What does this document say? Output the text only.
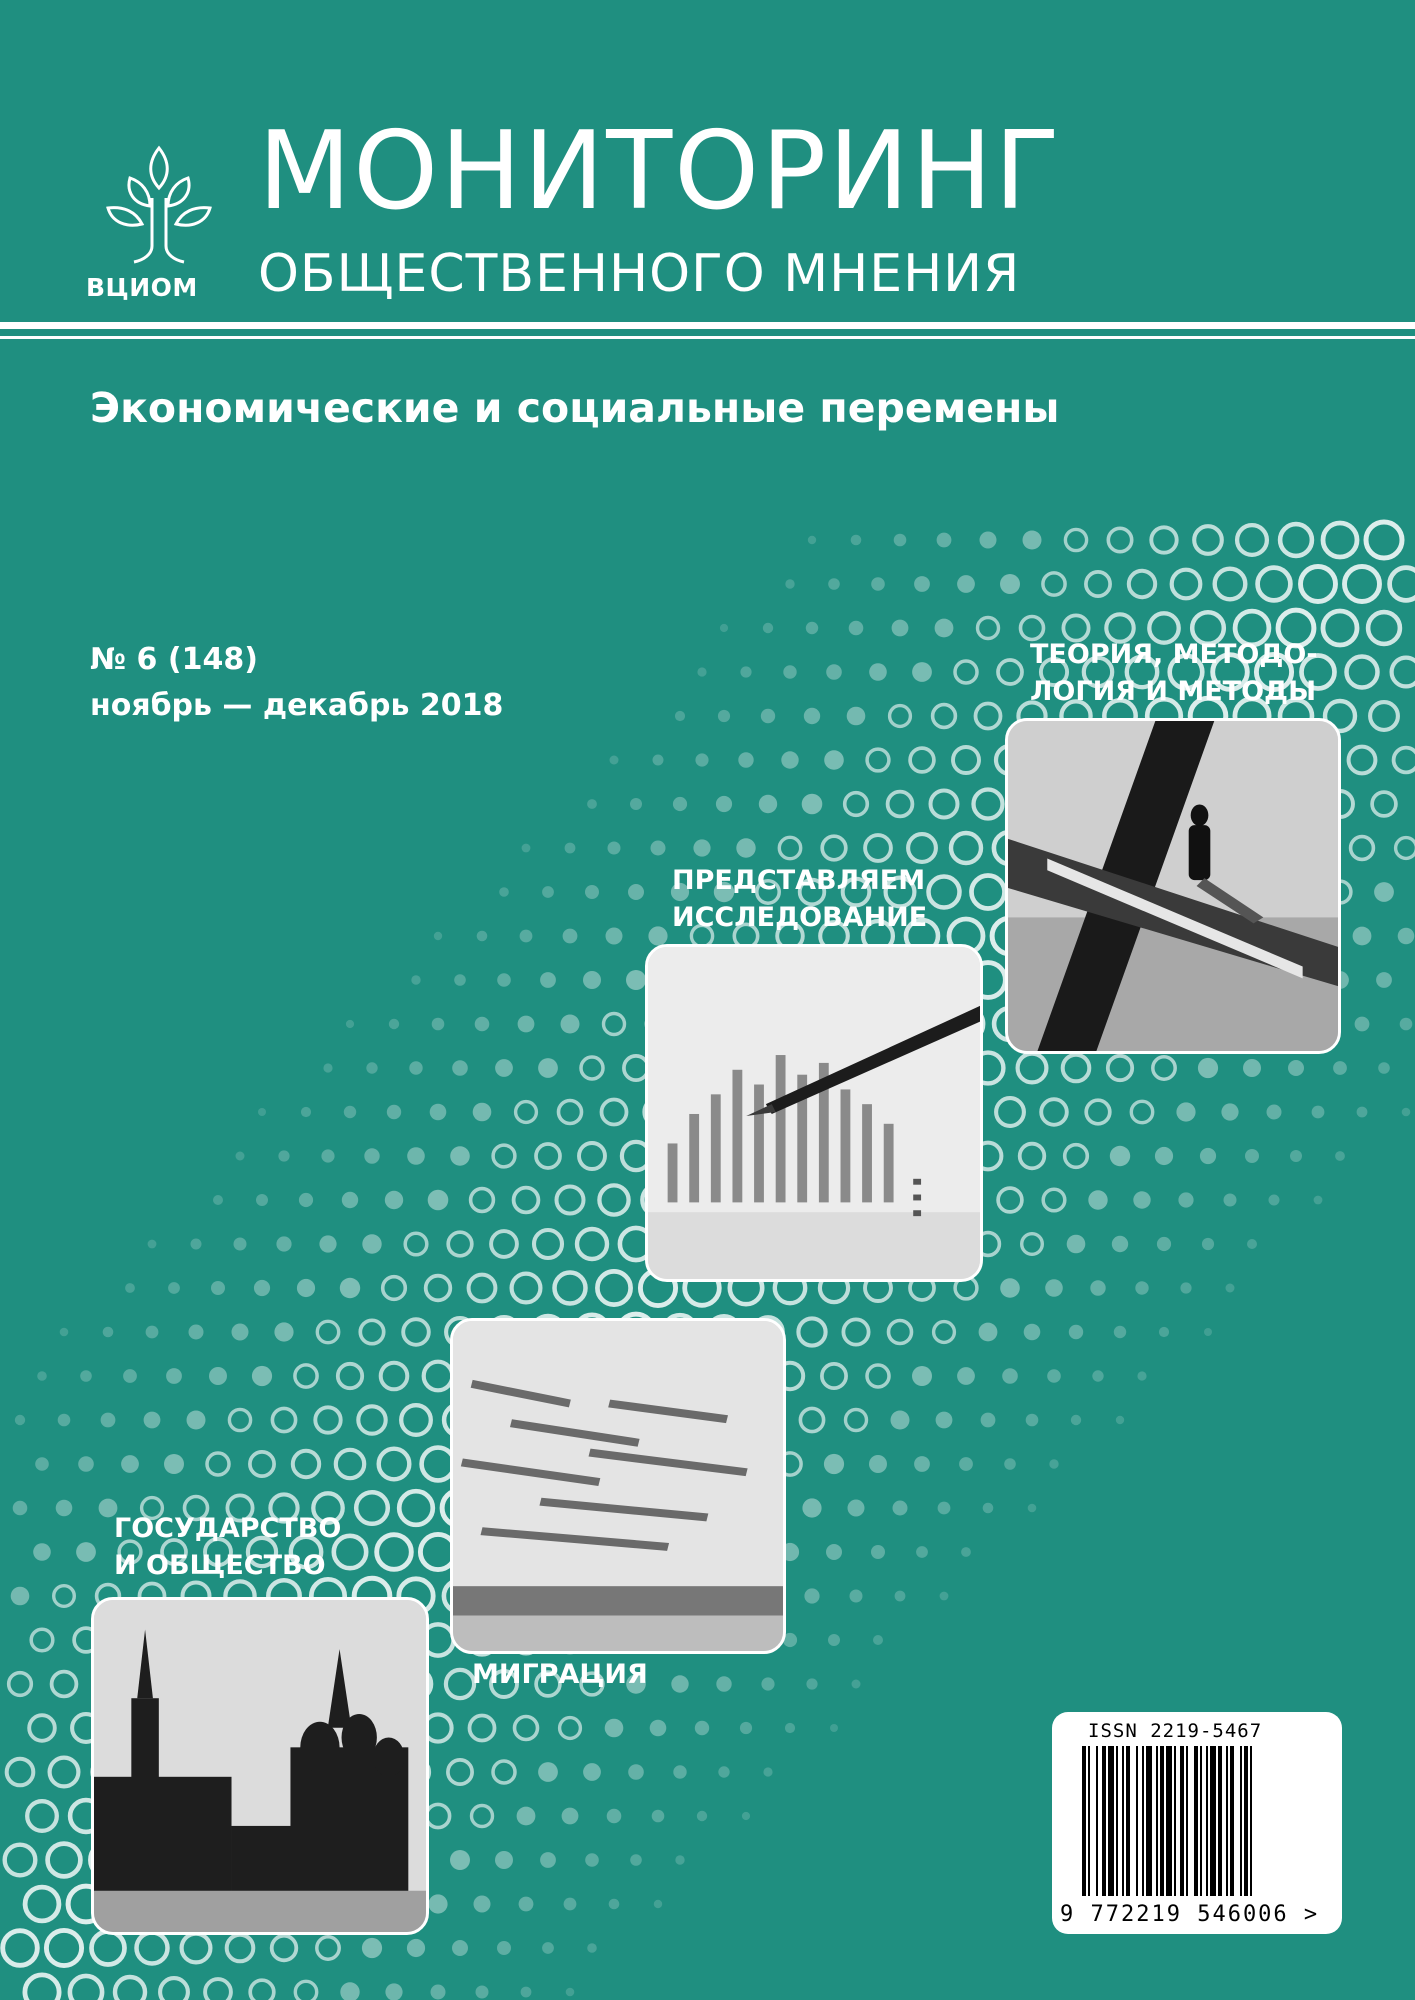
ВЦИОМ
МОНИТОРИНГ
ОБЩЕСТВЕННОГО МНЕНИЯ
Экономические и социальные перемены
№ 6 (148)
ноябрь — декабрь 2018
ТЕОРИЯ, МЕТОДО-
ЛОГИЯ И МЕТОДЫ
ПРЕДСТАВЛЯЕМ
ИССЛЕДОВАНИЕ
МИГРАЦИЯ
ГОСУДАРСТВО
И ОБЩЕСТВО
ISSN 2219-5467
9 772219 546006 >
